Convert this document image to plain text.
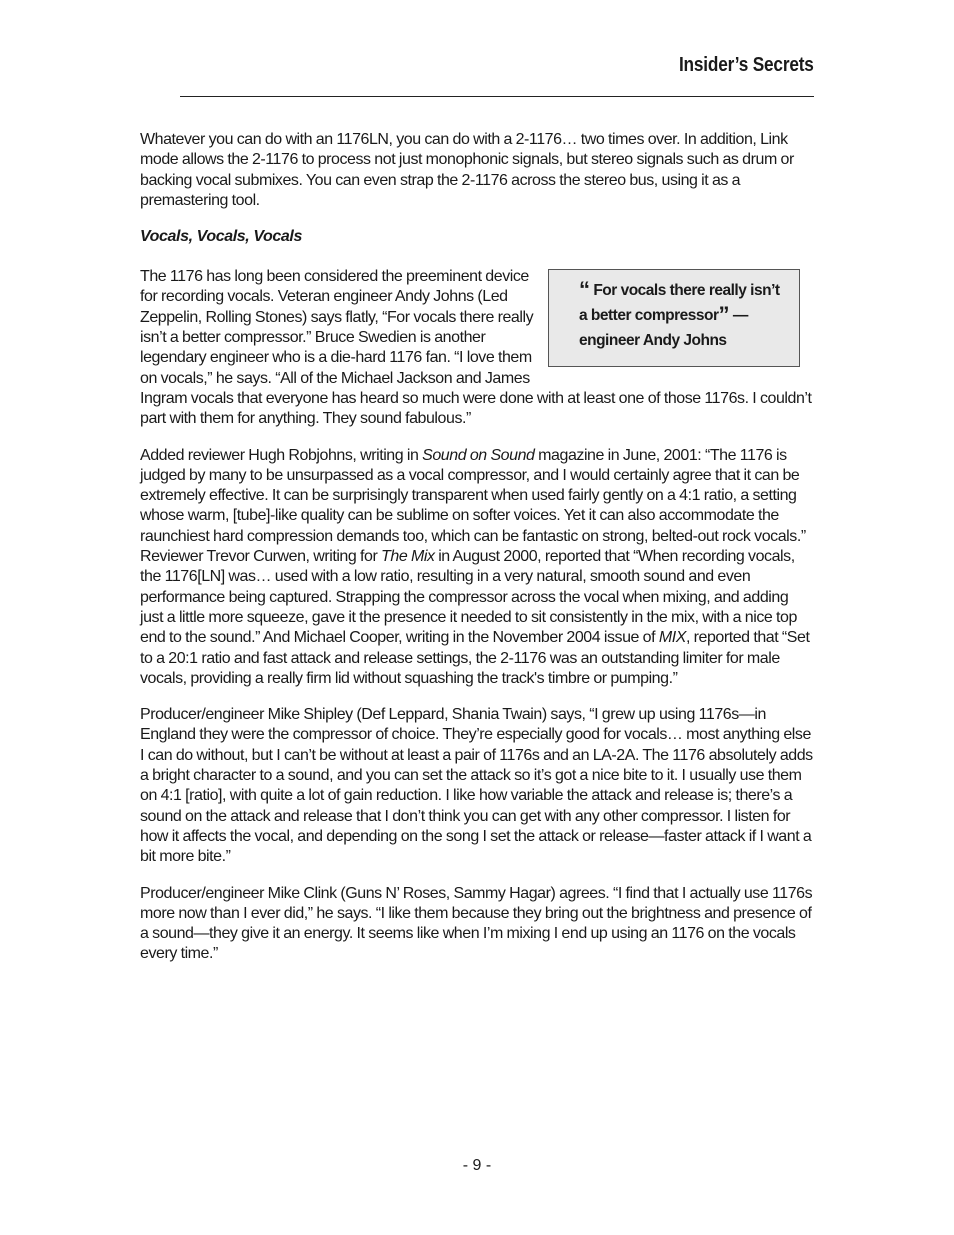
Insider’s Secrets

Whatever you can do with an 1176LN, you can do with a 2-1176… two times over. In addition, Link mode allows the 2-1176 to process not just monophonic signals, but stereo signals such as drum or backing vocal submixes. You can even strap the 2-1176 across the stereo bus, using it as a premastering tool.

Vocals, Vocals, Vocals
“ For vocals there really isn’t a better compressor” — engineer Andy Johns

The 1176 has long been considered the preeminent device for recording vocals. Veteran engineer Andy Johns (Led Zeppelin, Rolling Stones) says flatly, “For vocals there really isn’t a better compressor.” Bruce Swedien is another legendary engineer who is a die-hard 1176 fan. “I love them on vocals,” he says. “All of the Michael Jackson and James Ingram vocals that everyone has heard so much were done with at least one of those 1176s. I couldn’t part with them for anything. They sound fabulous.”

Added reviewer Hugh Robjohns, writing in Sound on Sound magazine in June, 2001: “The 1176 is judged by many to be unsurpassed as a vocal compressor, and I would certainly agree that it can be extremely effective. It can be surprisingly transparent when used fairly gently on a 4:1 ratio, a setting whose warm, [tube]-like quality can be sublime on softer voices. Yet it can also accommodate the raunchiest hard compression demands too, which can be fantastic on strong, belted-out rock vocals.” Reviewer Trevor Curwen, writing for The Mix in August 2000, reported that “When recording vocals, the 1176[LN] was… used with a low ratio, resulting in a very natural, smooth sound and even performance being captured. Strapping the compressor across the vocal when mixing, and adding just a little more squeeze, gave it the presence it needed to sit consistently in the mix, with a nice top end to the sound.” And Michael Cooper, writing in the November 2004 issue of MIX, reported that “Set to a 20:1 ratio and fast attack and release settings, the 2-1176 was an outstanding limiter for male vocals, providing a really firm lid without squashing the track's timbre or pumping.”

Producer/engineer Mike Shipley (Def Leppard, Shania Twain) says, “I grew up using 1176s—in England they were the compressor of choice. They’re especially good for vocals… most anything else I can do without, but I can’t be without at least a pair of 1176s and an LA-2A. The 1176 absolutely adds a bright character to a sound, and you can set the attack so it’s got a nice bite to it. I usually use them on 4:1 [ratio], with quite a lot of gain reduction. I like how variable the attack and release is; there’s a sound on the attack and release that I don’t think you can get with any other compressor. I listen for how it affects the vocal, and depending on the song I set the attack or release—faster attack if I want a bit more bite.”

Producer/engineer Mike Clink (Guns N’ Roses, Sammy Hagar) agrees. “I find that I actually use 1176s more now than I ever did,” he says. “I like them because they bring out the brightness and presence of a sound—they give it an energy. It seems like when I’m mixing I end up using an 1176 on the vocals every time.”

- 9 -
